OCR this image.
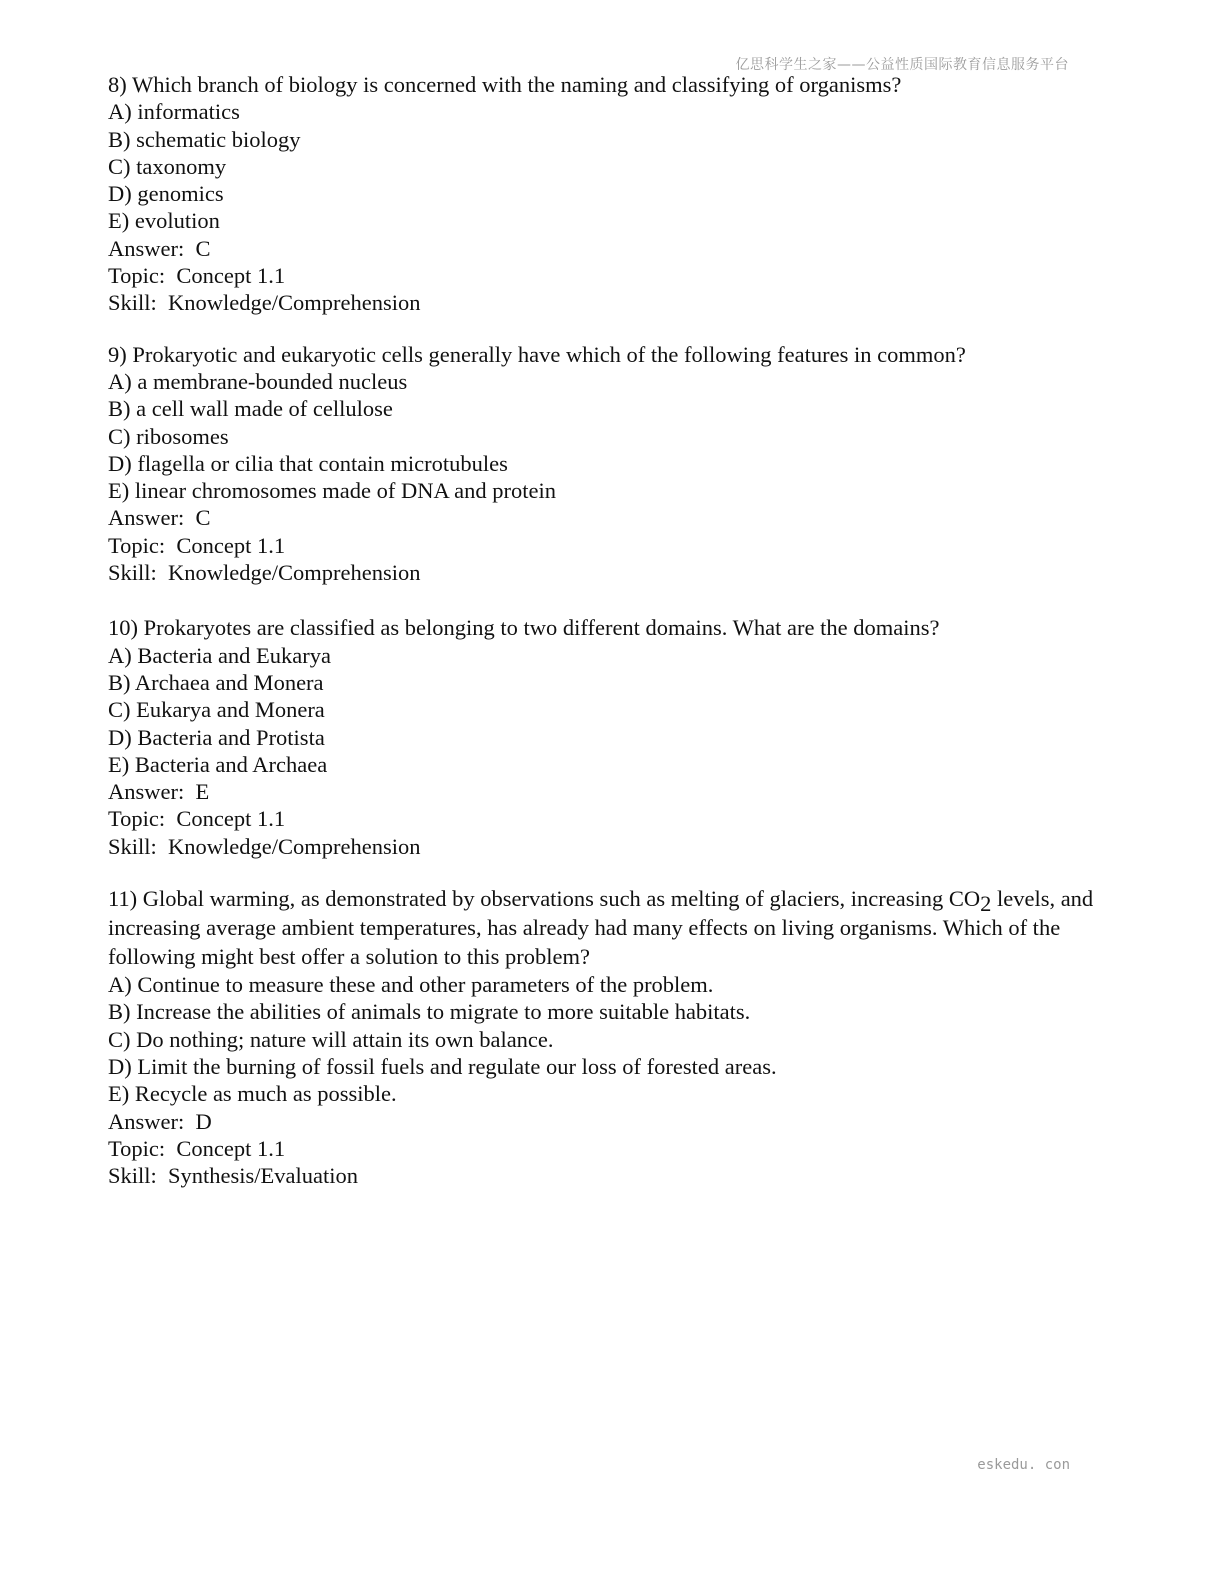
亿思科学生之家——公益性质国际教育信息服务平台
8) Which branch of biology is concerned with the naming and classifying of organisms?
A) informatics
B) schematic biology
C) taxonomy
D) genomics
E) evolution
Answer:  C
Topic:  Concept 1.1
Skill:  Knowledge/Comprehension
9) Prokaryotic and eukaryotic cells generally have which of the following features in common?
A) a membrane-bounded nucleus
B) a cell wall made of cellulose
C) ribosomes
D) flagella or cilia that contain microtubules
E) linear chromosomes made of DNA and protein
Answer:  C
Topic:  Concept 1.1
Skill:  Knowledge/Comprehension
10) Prokaryotes are classified as belonging to two different domains. What are the domains?
A) Bacteria and Eukarya
B) Archaea and Monera
C) Eukarya and Monera
D) Bacteria and Protista
E) Bacteria and Archaea
Answer:  E
Topic:  Concept 1.1
Skill:  Knowledge/Comprehension
11) Global warming, as demonstrated by observations such as melting of glaciers, increasing CO2 levels, and increasing average ambient temperatures, has already had many effects on living organisms. Which of the following might best offer a solution to this problem?
A) Continue to measure these and other parameters of the problem.
B) Increase the abilities of animals to migrate to more suitable habitats.
C) Do nothing; nature will attain its own balance.
D) Limit the burning of fossil fuels and regulate our loss of forested areas.
E) Recycle as much as possible.
Answer:  D
Topic:  Concept 1.1
Skill:  Synthesis/Evaluation
eskedu. con
